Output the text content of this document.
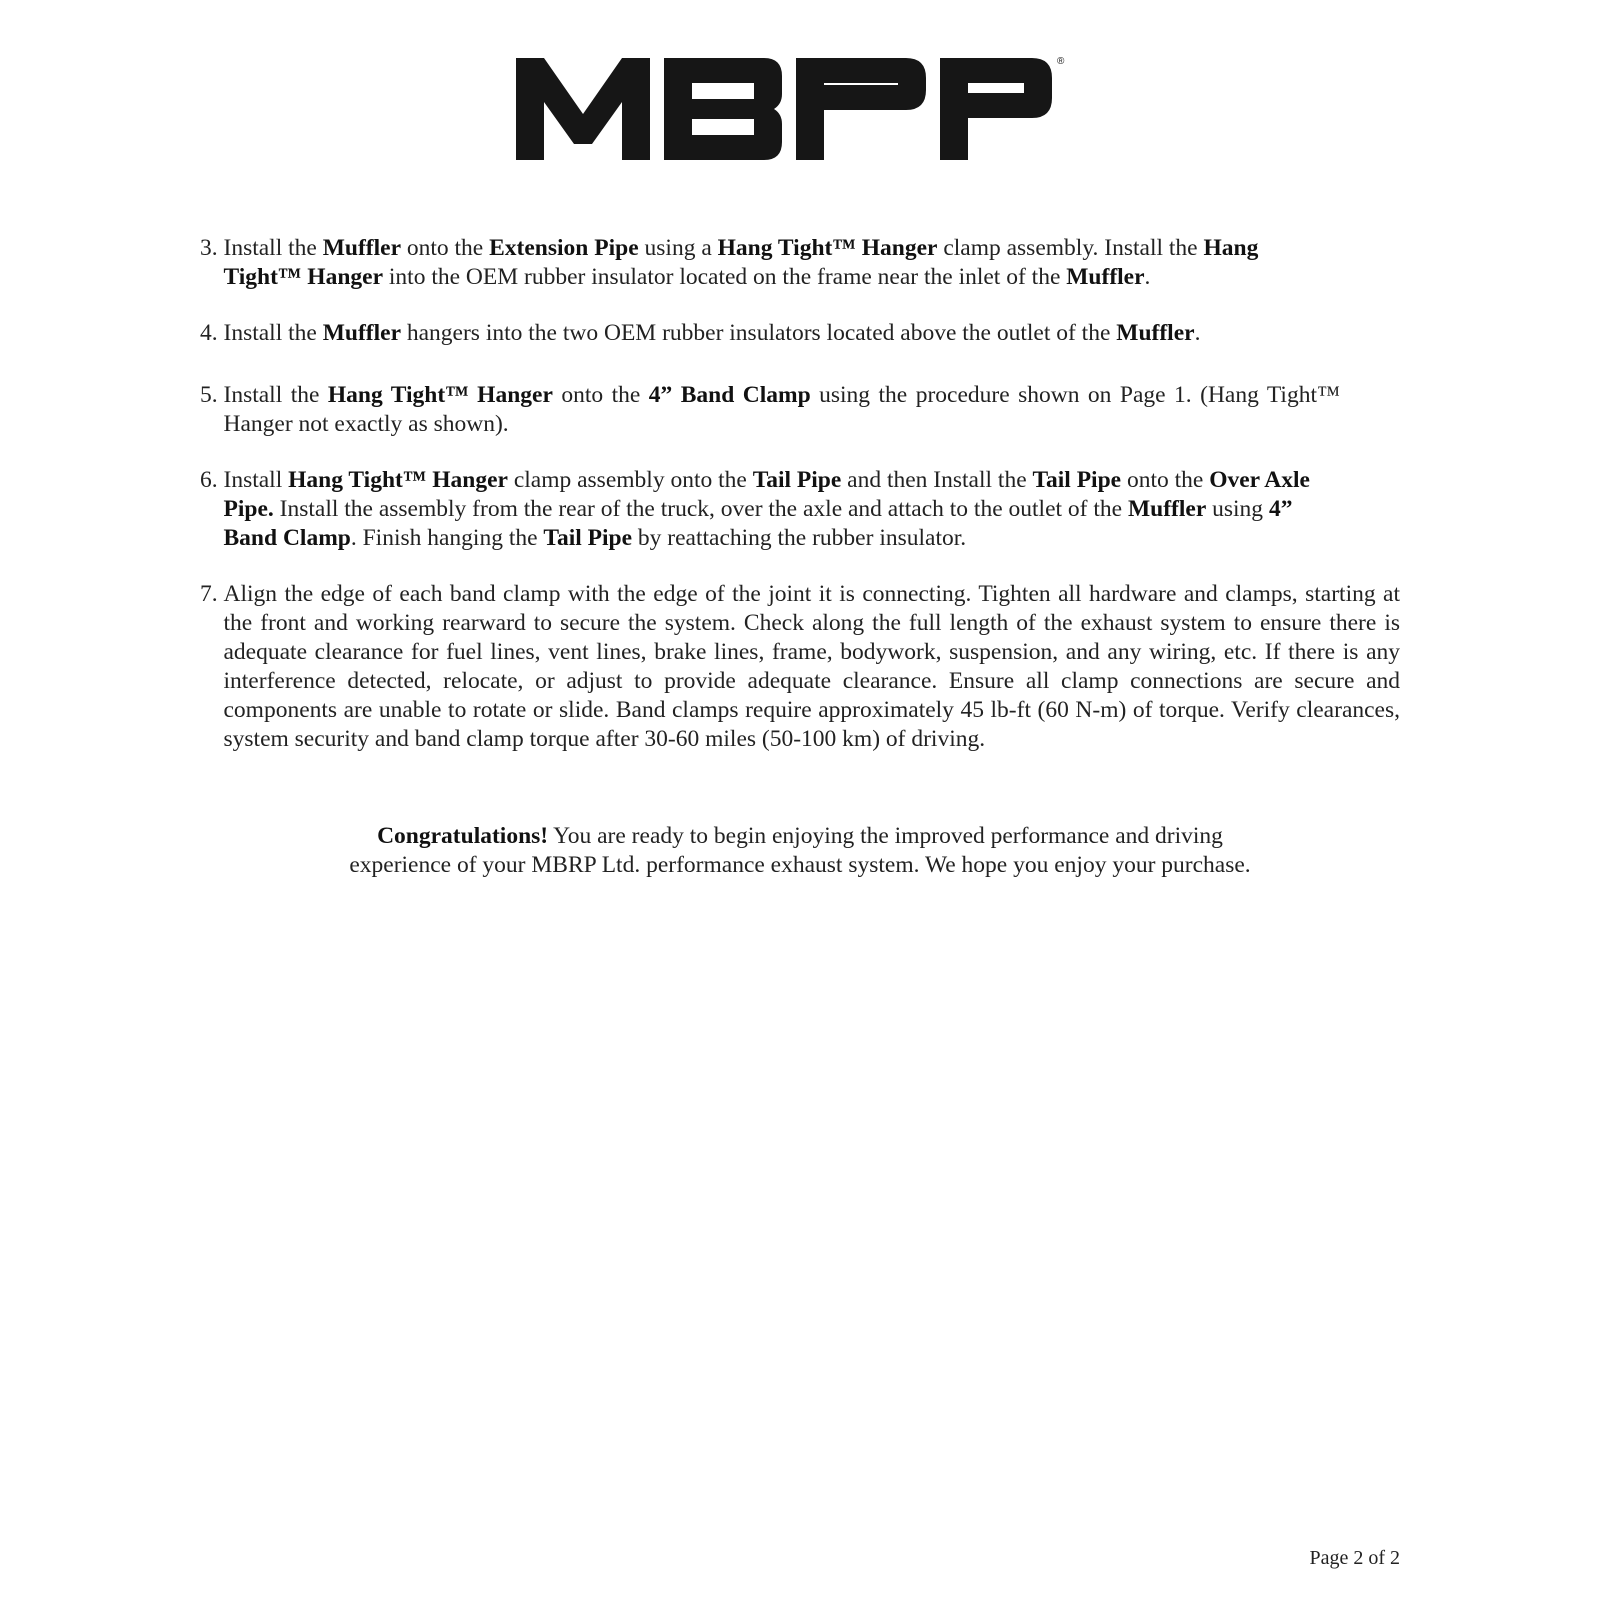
®
3.
Install the Muffler onto the Extension Pipe using a Hang Tight™ Hanger clamp assembly. Install the Hang Tight™ Hanger into the OEM rubber insulator located on the frame near the inlet of the Muffler.
4.
Install the Muffler hangers into the two OEM rubber insulators located above the outlet of the Muffler.
5.
Install the Hang Tight™ Hanger onto the 4” Band Clamp using the procedure shown on Page 1. (Hang Tight™ Hanger not exactly as shown).
6.
Install Hang Tight™ Hanger clamp assembly onto the Tail Pipe and then Install the Tail Pipe onto the Over Axle Pipe. Install the assembly from the rear of the truck, over the axle and attach to the outlet of the Muffler using 4” Band Clamp. Finish hanging the Tail Pipe by reattaching the rubber insulator.
7.
Align the edge of each band clamp with the edge of the joint it is connecting. Tighten all hardware and clamps, starting at the front and working rearward to secure the system. Check along the full length of the exhaust system to ensure there is adequate clearance for fuel lines, vent lines, brake lines, frame, bodywork, suspension, and any wiring, etc. If there is any interference detected, relocate, or adjust to provide adequate clearance. Ensure all clamp connections are secure and components are unable to rotate or slide. Band clamps require approximately 45 lb-ft (60 N-m) of torque. Verify clearances, system security and band clamp torque after 30-60 miles (50-100 km) of driving.
Congratulations! You are ready to begin enjoying the improved performance and driving
experience of your MBRP Ltd. performance exhaust system. We hope you enjoy your purchase.
Page 2 of 2
